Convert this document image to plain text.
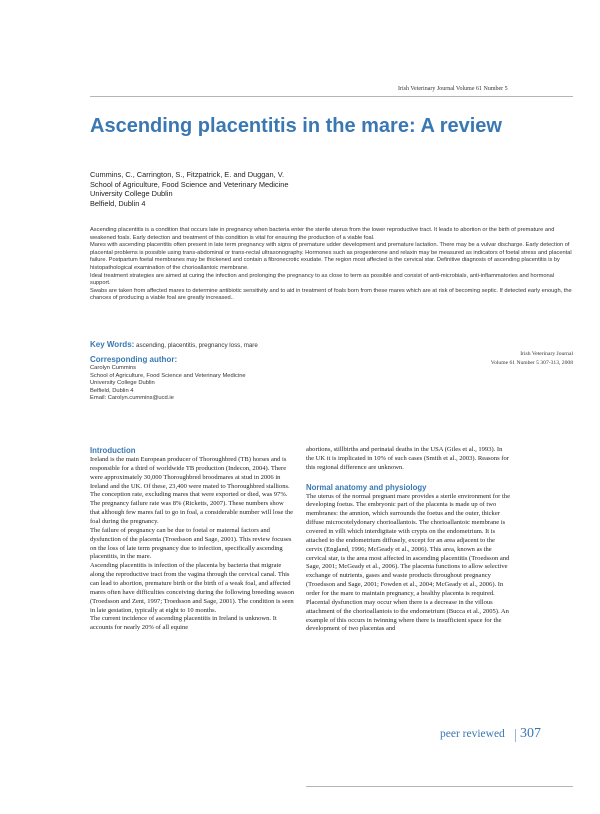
Irish Veterinary Journal Volume 61 Number 5
Ascending placentitis in the mare: A review
Cummins, C., Carrington, S., Fitzpatrick, E. and Duggan, V.
School of Agriculture, Food Science and Veterinary Medicine
University College Dublin
Belfield, Dublin 4

Ascending placentitis is a condition that occurs late in pregnancy when bacteria enter the sterile uterus from the lower reproductive tract. It leads to abortion or the birth of premature and weakened foals. Early detection and treatment of this condition is vital for ensuring the production of a viable foal.

Mares with ascending placentitis often present in late term pregnancy with signs of premature udder development and premature lactation. There may be a vulvar discharge. Early detection of placental problems is possible using trans-abdominal or trans-rectal ultrasonography. Hormones such as progesterone and relaxin may be measured as indicators of foetal stress and placental failure. Postpartum foetal membranes may be thickened and contain a fibronecrotic exudate. The region most affected is the cervical star. Definitive diagnosis of ascending placentitis is by histopathological examination of the chorioallantoic membrane.

Ideal treatment strategies are aimed at curing the infection and prolonging the pregnancy to as close to term as possible and consist of anti-microbials, anti-inflammatories and hormonal support.

Swabs are taken from affected mares to determine antibiotic sensitivity and to aid in treatment of foals born from these mares which are at risk of becoming septic. If detected early enough, the chances of producing a viable foal are greatly increased..

Key Words: ascending, placentitis, pregnancy loss, mare
Corresponding author:
Carolyn Cummins
School of Agriculture, Food Science and Veterinary Medicine
University College Dublin
Belfield, Dublin 4
Email: Carolyn.cummins@ucd.ie
Irish Veterinary Journal
Volume 61 Number 5 307-313, 2008
Introduction

Ireland is the main European producer of Thoroughbred (TB) horses and is responsible for a third of worldwide TB production (Indecon, 2004). There were approximately 30,000 Thoroughbred broodmares at stud in 2006 in Ireland and the UK. Of these, 23,400 were mated to Thoroughbred stallions. The conception rate, excluding mares that were exported or died, was 97%. The pregnancy failure rate was 8% (Ricketts, 2007). These numbers show that although few mares fail to go in foal, a considerable number will lose the foal during the pregnancy.

The failure of pregnancy can be due to foetal or maternal factors and dysfunction of the placenta (Troedsson and Sage, 2001). This review focuses on the loss of late term pregnancy due to infection, specifically ascending placentitis, in the mare.

Ascending placentitis is infection of the placenta by bacteria that migrate along the reproductive tract from the vagina through the cervical canal. This can lead to abortion, premature birth or the birth of a weak foal, and affected mares often have difficulties conceiving during the following breeding season (Troedsson and Zent, 1997; Troedsson and Sage, 2001). The condition is seen in late gestation, typically at eight to 10 months.

The current incidence of ascending placentitis in Ireland is unknown. It accounts for nearly 20% of all equine

abortions, stillbirths and perinatal deaths in the USA (Giles et al., 1993). In the UK it is implicated in 10% of such cases (Smith et al., 2003). Reasons for this regional difference are unknown.

Normal anatomy and physiology

The uterus of the normal pregnant mare provides a sterile environment for the developing foetus. The embryonic part of the placenta is made up of two membranes: the amnion, which surrounds the foetus and the outer, thicker diffuse microcotelydonary chorioallantois. The chorioallantoic membrane is covered in villi which interdigitate with crypts on the endometrium. It is attached to the endometrium diffusely, except for an area adjacent to the cervix (England, 1996; McGeady et al., 2006). This area, known as the cervical star, is the area most affected in ascending placentitis (Troedsson and Sage, 2001; McGeady et al., 2006). The placenta functions to allow selective exchange of nutrients, gases and waste products throughout pregnancy (Troedsson and Sage, 2001; Fowden et al., 2004; McGeady et al., 2006). In order for the mare to maintain pregnancy, a healthy placenta is required. Placental dysfunction may occur when there is a decrease in the villous attachment of the chorioallantois to the endometrium (Bucca et al., 2005). An example of this occurs in twinning where there is insufficient space for the development of two placentas and

peer reviewed 307
